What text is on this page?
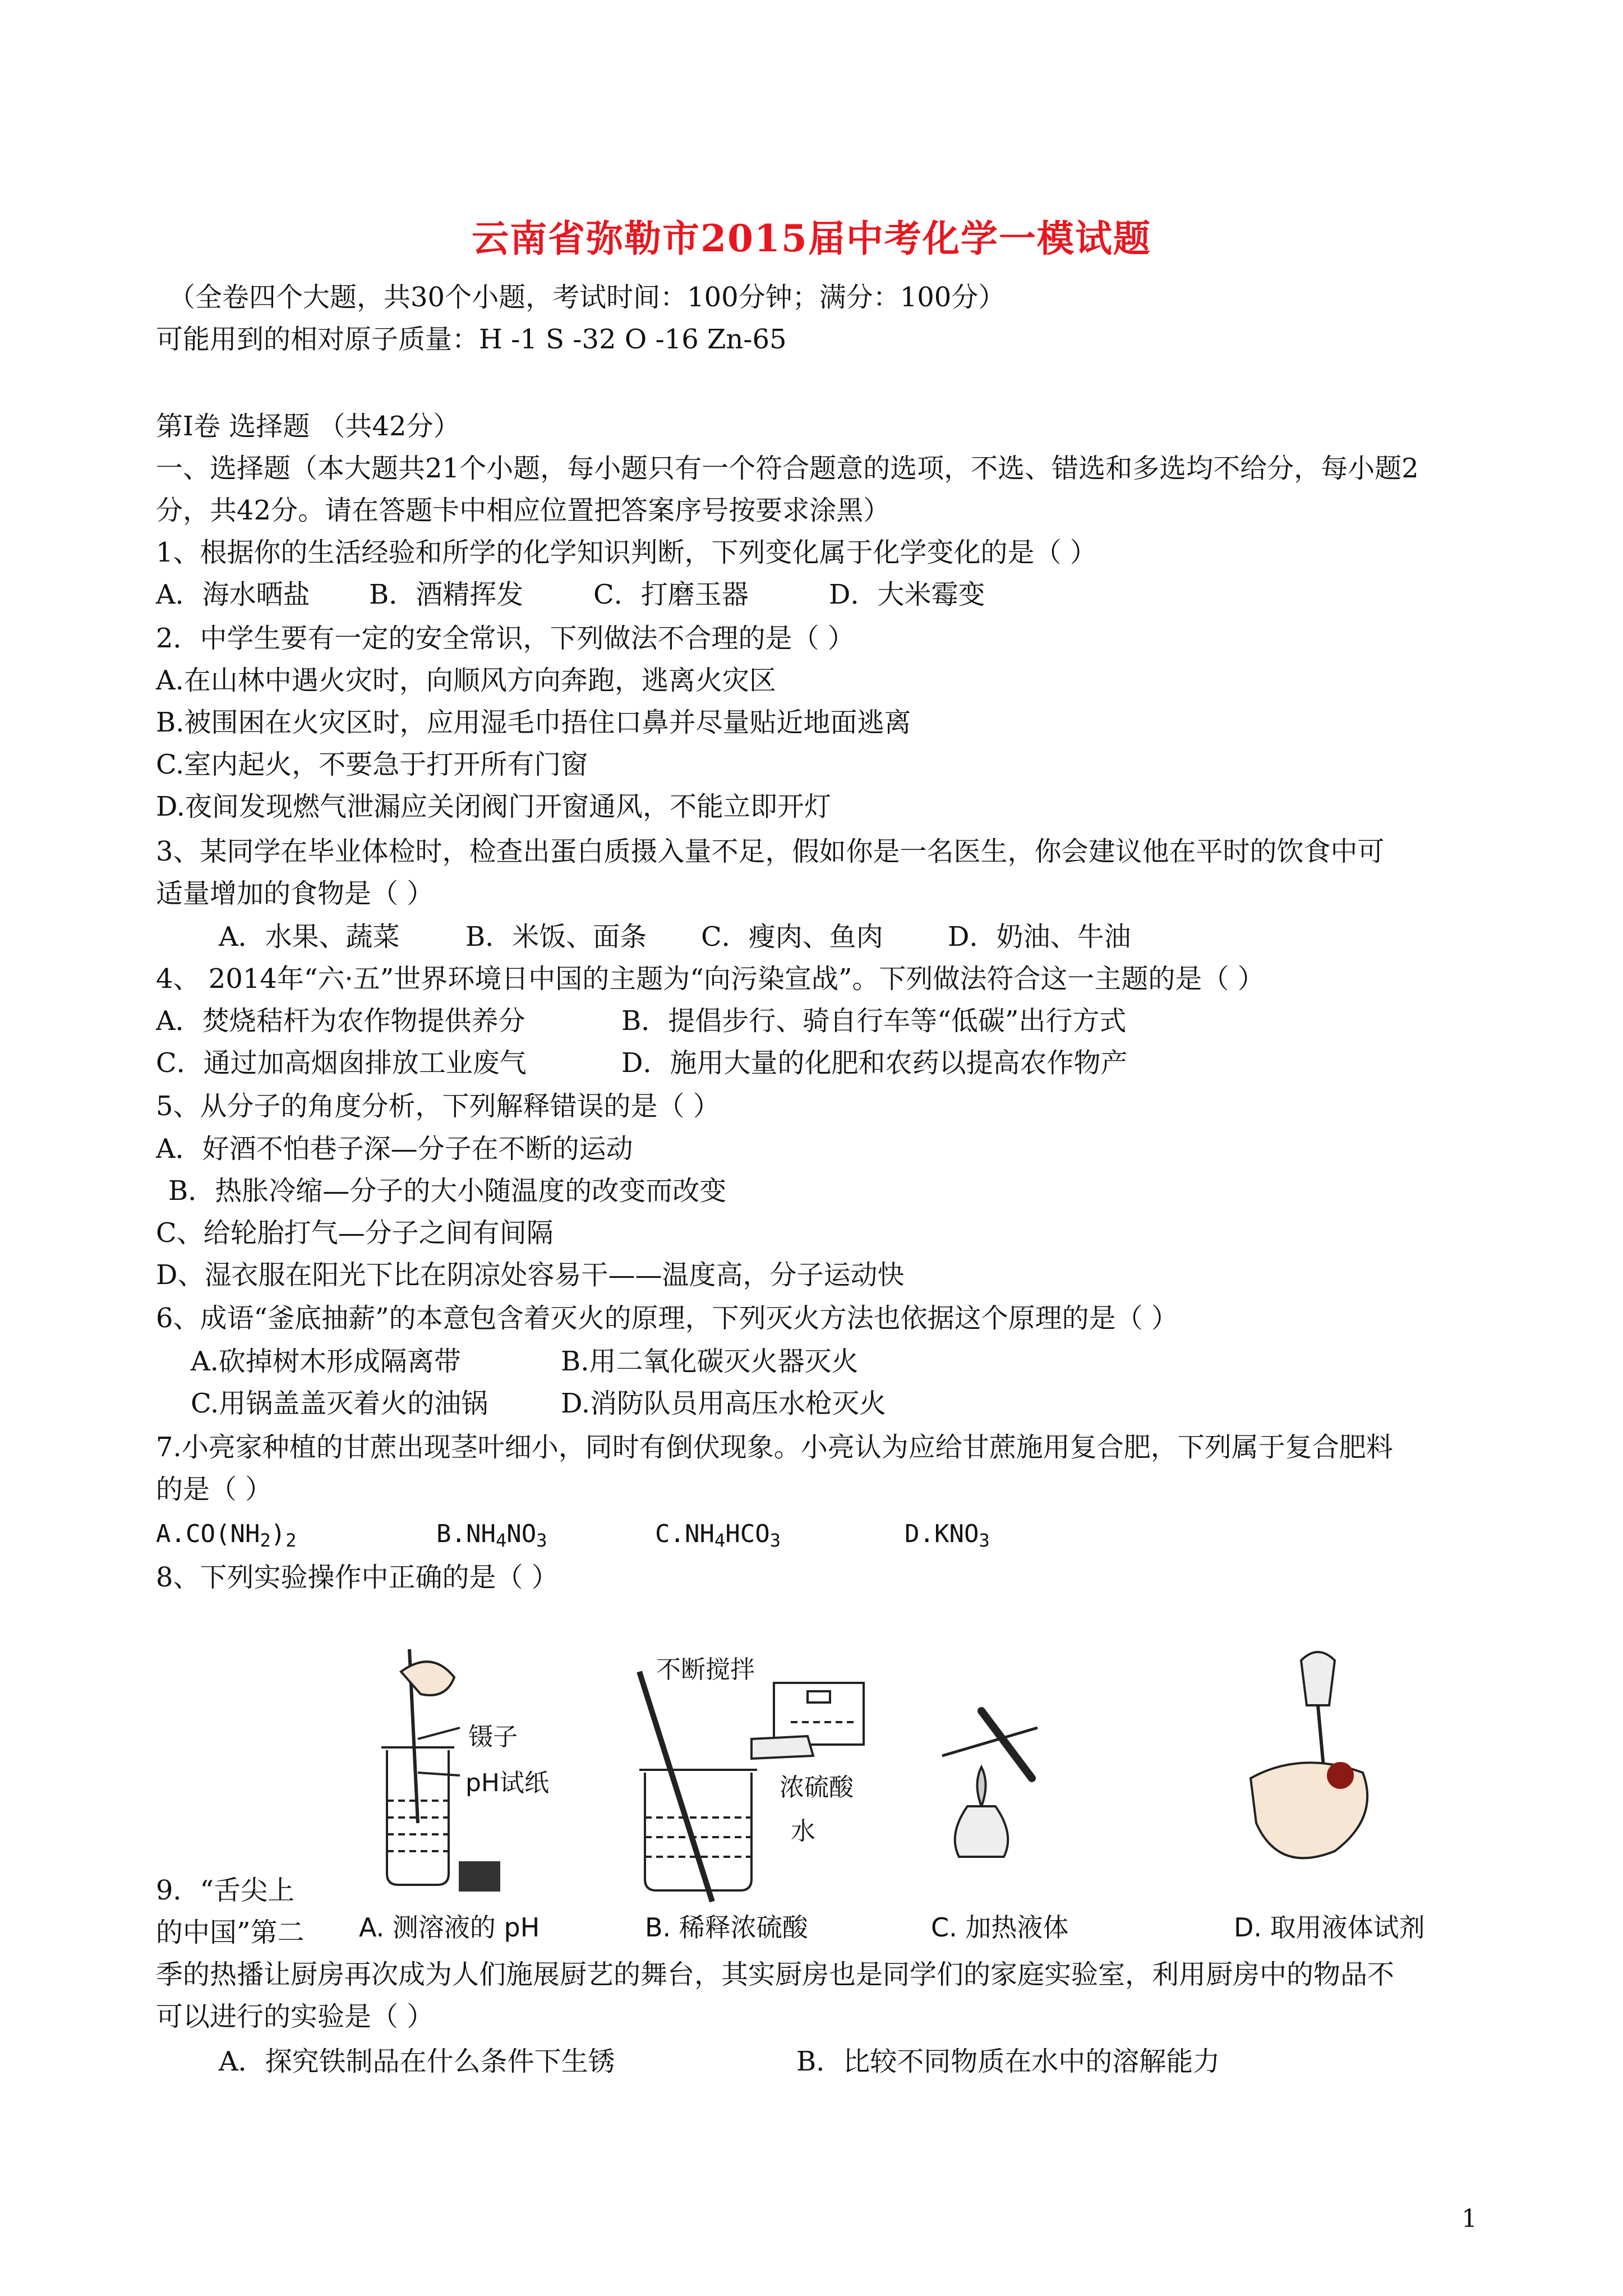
云南省弥勒市2015届中考化学一模试题
（全卷四个大题，共30个小题，考试时间：100分钟；满分：100分）
可能用到的相对原子质量：H -1 S -32 O -16 Zn-65
第Ⅰ卷 选择题 （共42分）
一、选择题（本大题共21个小题，每小题只有一个符合题意的选项，不选、错选和多选均不给分，每小题2
分，共42分。请在答题卡中相应位置把答案序号按要求涂黑）
1、根据你的生活经验和所学的化学知识判断，下列变化属于化学变化的是（ ）
A．海水晒盐 B．酒精挥发	C．打磨玉器	D．大米霉变
2．中学生要有一定的安全常识，下列做法不合理的是（ ）
A.在山林中遇火灾时，向顺风方向奔跑，逃离火灾区
B.被围困在火灾区时，应用湿毛巾捂住口鼻并尽量贴近地面逃离
C.室内起火，不要急于打开所有门窗
D.夜间发现燃气泄漏应关闭阀门开窗通风，不能立即开灯
3、某同学在毕业体检时，检查出蛋白质摄入量不足，假如你是一名医生，你会建议他在平时的饮食中可
适量增加的食物是（ ）
A．水果、蔬菜 B．米饭、面条 C．瘦肉、鱼肉 D．奶油、牛油
4、 2014年“六·五”世界环境日中国的主题为“向污染宣战”。下列做法符合这一主题的是（ ）
A．焚烧秸杆为农作物提供养分	B．提倡步行、骑自行车等“低碳”出行方式
C．通过加高烟囱排放工业废气	D．施用大量的化肥和农药以提高农作物产
5、从分子的角度分析，下列解释错误的是（ ）
A．好酒不怕巷子深—分子在不断的运动
B．热胀冷缩—分子的大小随温度的改变而改变
C、给轮胎打气—分子之间有间隔
D、湿衣服在阳光下比在阴凉处容易干——温度高，分子运动快
6、成语“釜底抽薪”的本意包含着灭火的原理，下列灭火方法也依据这个原理的是（ ）
A.砍掉树木形成隔离带	B.用二氧化碳灭火器灭火
C.用锅盖盖灭着火的油锅	D.消防队员用高压水枪灭火
7.小亮家种植的甘蔗出现茎叶细小，同时有倒伏现象。小亮认为应给甘蔗施用复合肥，下列属于复合肥料
的是（ ）
$A.CO(NH_2)_2$	$B.NH_4NO_3$	$C.NH_4HCO_3$	$D.KNO_3$
8、下列实验操作中正确的是（ ）
镊子
pH试纸
不断搅拌
浓硫酸
水
A. 测溶液的 pH	B. 稀释浓硫酸	C. 加热液体	D. 取用液体试剂
9．“舌尖上
的中国”第二
季的热播让厨房再次成为人们施展厨艺的舞台，其实厨房也是同学们的家庭实验室，利用厨房中的物品不
可以进行的实验是（ ）
A．探究铁制品在什么条件下生锈	B．比较不同物质在水中的溶解能力
1
